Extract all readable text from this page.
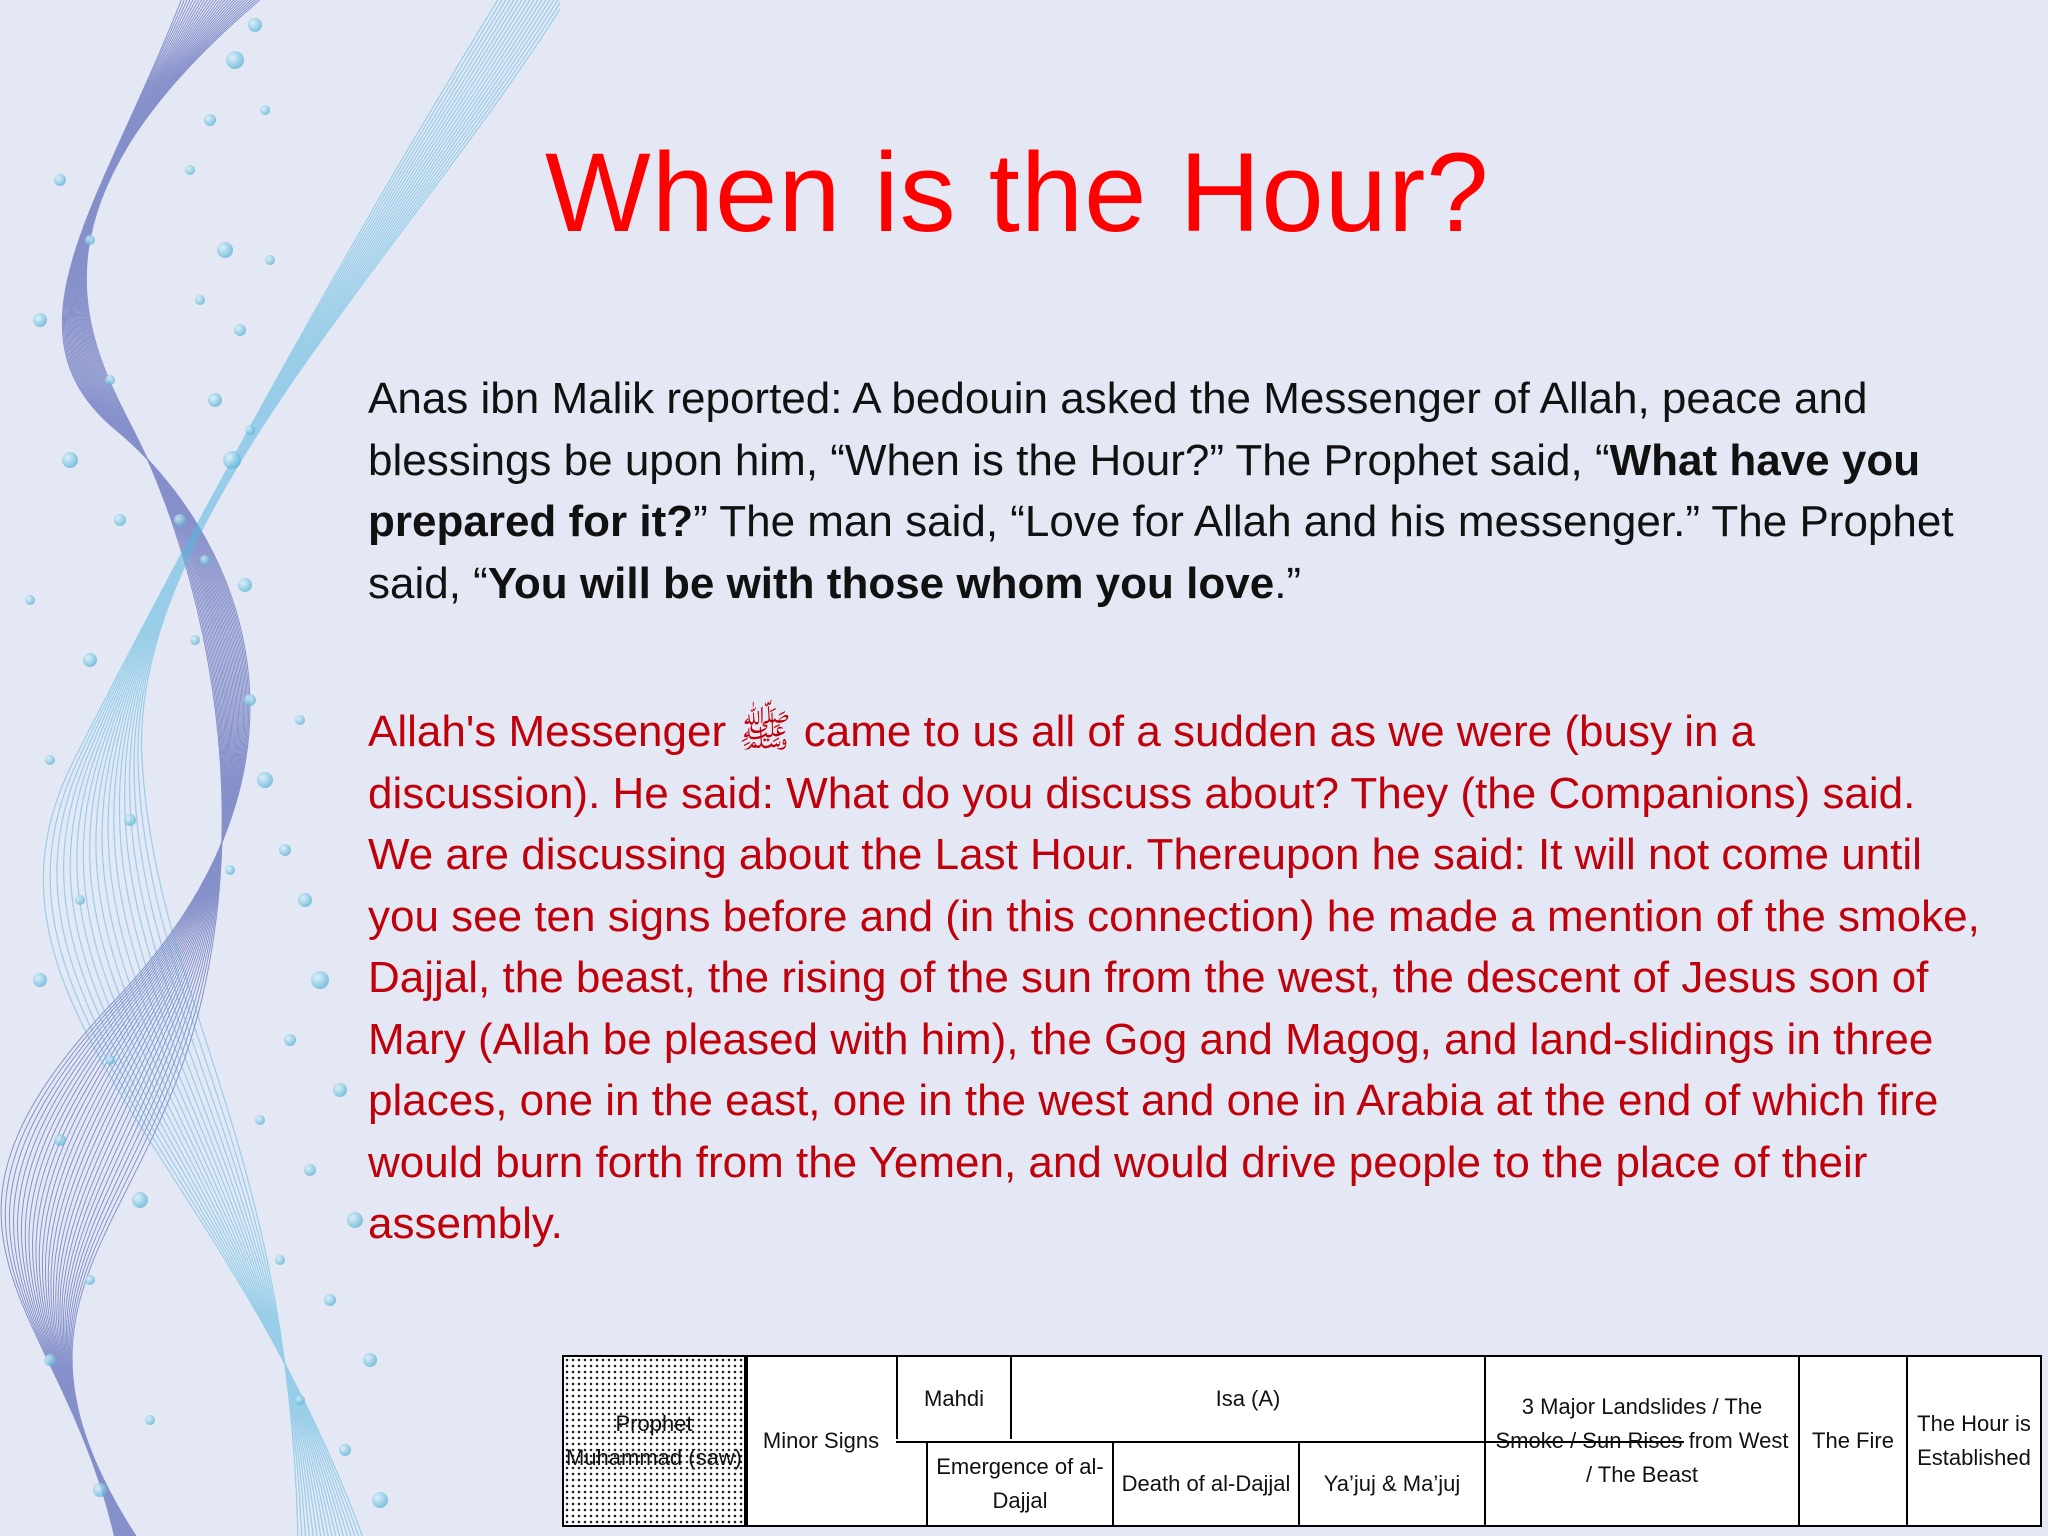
When is the Hour?
Anas ibn Malik reported: A bedouin asked the Messenger of Allah, peace and blessings be upon him, “When is the Hour?” The Prophet said, “What have you prepared for it?” The man said, “Love for Allah and his messenger.” The Prophet said, “You will be with those whom you love.”
Allah's Messenger ﷺ came to us all of a sudden as we were (busy in a discussion). He said: What do you discuss about? They (the Companions) said. We are discussing about the Last Hour. Thereupon he said: It will not come until you see ten signs before and (in this connection) he made a mention of the smoke, Dajjal, the beast, the rising of the sun from the west, the descent of Jesus son of Mary (Allah be pleased with him), the Gog and Magog, and land-slidings in three places, one in the east, one in the west and one in Arabia at the end of which fire would burn forth from the Yemen, and would drive people to the place of their assembly.
Prophet Muhammad (saw)
Minor Signs
Mahdi	Isa (A)
Emergence of al-Dajjal
Death of al-Dajjal	Ya’juj & Ma’juj
3 Major Landslides / The Smoke / Sun Rises from West / The Beast
The Fire
The Hour is Established
